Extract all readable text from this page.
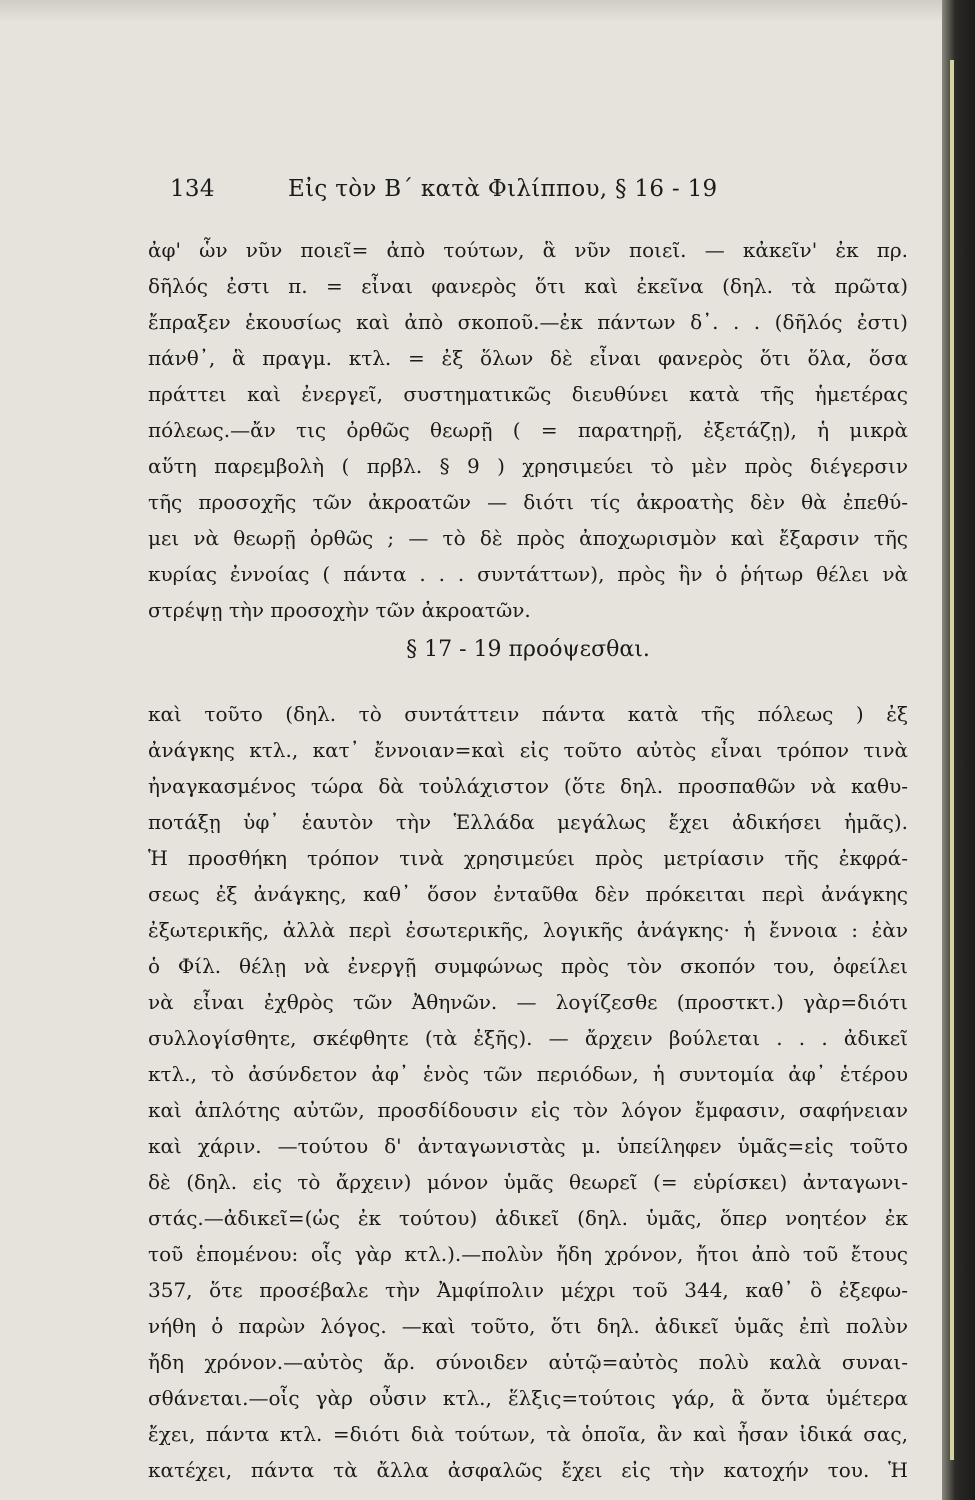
134	Εἰς τὸν Β΄ κατὰ Φιλίππου, § 16 - 19
ἀφ' ὧν νῦν ποιεῖ= ἀπὸ τούτων, ἃ νῦν ποιεῖ. — κἀκεῖν' ἐκ πρ.
δῆλός ἐστι π. = εἶναι φανερὸς ὅτι καὶ ἐκεῖνα (δηλ. τὰ πρῶτα)
ἔπραξεν ἑκουσίως καὶ ἀπὸ σκοποῦ.—ἐκ πάντων δ᾽. . . (δῆλός ἐστι)
πάνθ᾽, ἃ πραγμ. κτλ. = ἐξ ὅλων δὲ εἶναι φανερὸς ὅτι ὅλα, ὅσα
πράττει καὶ ἐνεργεῖ, συστηματικῶς διευθύνει κατὰ τῆς ἡμετέρας
πόλεως.—ἄν τις ὀρθῶς θεωρῇ ( = παρατηρῇ, ἐξετάζῃ), ἡ μικρὰ
αὕτη παρεμβολὴ ( πρβλ. § 9 ) χρησιμεύει τὸ μὲν πρὸς διέγερσιν
τῆς προσοχῆς τῶν ἀκροατῶν — διότι τίς ἀκροατὴς δὲν θὰ ἐπεθύ-
μει νὰ θεωρῇ ὀρθῶς ; — τὸ δὲ πρὸς ἀποχωρισμὸν καὶ ἔξαρσιν τῆς
κυρίας ἐννοίας ( πάντα . . . συντάττων), πρὸς ἣν ὁ ῥήτωρ θέλει νὰ
στρέψῃ τὴν προσοχὴν τῶν ἀκροατῶν.
§ 17 - 19 προόψεσθαι.
καὶ τοῦτο (δηλ. τὸ συντάττειν πάντα κατὰ τῆς πόλεως ) ἐξ
ἀνάγκης κτλ., κατ᾽ ἔννοιαν=καὶ εἰς τοῦτο αὐτὸς εἶναι τρόπον τινὰ
ἠναγκασμένος τώρα δὰ τοὐλάχιστον (ὅτε δηλ. προσπαθῶν νὰ καθυ-
ποτάξῃ ὑφ᾽ ἑαυτὸν τὴν Ἑλλάδα μεγάλως ἔχει ἀδικήσει ἡμᾶς).
Ἡ προσθήκη τρόπον τινὰ χρησιμεύει πρὸς μετρίασιν τῆς ἐκφρά-
σεως ἐξ ἀνάγκης, καθ᾽ ὅσον ἐνταῦθα δὲν πρόκειται περὶ ἀνάγκης
ἐξωτερικῆς, ἀλλὰ περὶ ἐσωτερικῆς, λογικῆς ἀνάγκης· ἡ ἔννοια : ἐὰν
ὁ Φίλ. θέλῃ νὰ ἐνεργῇ συμφώνως πρὸς τὸν σκοπόν του, ὀφείλει
νὰ εἶναι ἐχθρὸς τῶν Ἀθηνῶν. — λογίζεσθε (προστκτ.) γὰρ=διότι
συλλογίσθητε, σκέφθητε (τὰ ἑξῆς). — ἄρχειν βούλεται . . . ἀδικεῖ
κτλ., τὸ ἀσύνδετον ἀφ᾽ ἑνὸς τῶν περιόδων, ἡ συντομία ἀφ᾽ ἑτέρου
καὶ ἁπλότης αὐτῶν, προσδίδουσιν εἰς τὸν λόγον ἔμφασιν, σαφήνειαν
καὶ χάριν. —τούτου δ' ἀνταγωνιστὰς μ. ὑπείληφεν ὑμᾶς=εἰς τοῦτο
δὲ (δηλ. εἰς τὸ ἄρχειν) μόνον ὑμᾶς θεωρεῖ (= εὑρίσκει) ἀνταγωνι-
στάς.—ἀδικεῖ=(ὡς ἐκ τούτου) ἀδικεῖ (δηλ. ὑμᾶς, ὅπερ νοητέον ἐκ
τοῦ ἑπομένου: οἷς γὰρ κτλ.).—πολὺν ἤδη χρόνον, ἤτοι ἀπὸ τοῦ ἔτους
357, ὅτε προσέβαλε τὴν Ἀμφίπολιν μέχρι τοῦ 344, καθ᾽ ὃ ἐξεφω-
νήθη ὁ παρὼν λόγος. —καὶ τοῦτο, ὅτι δηλ. ἀδικεῖ ὑμᾶς ἐπὶ πολὺν
ἤδη χρόνον.—αὐτὸς ἄρ. σύνοιδεν αὑτῷ=αὐτὸς πολὺ καλὰ συναι-
σθάνεται.—οἷς γὰρ οὖσιν κτλ., ἕλξις=τούτοις γάρ, ἃ ὄντα ὑμέτερα
ἔχει, πάντα κτλ. =διότι διὰ τούτων, τὰ ὁποῖα, ἂν καὶ ἦσαν ἰδικά σας,
κατέχει, πάντα τὰ ἄλλα ἀσφαλῶς ἔχει εἰς τὴν κατοχήν του. Ἡ
